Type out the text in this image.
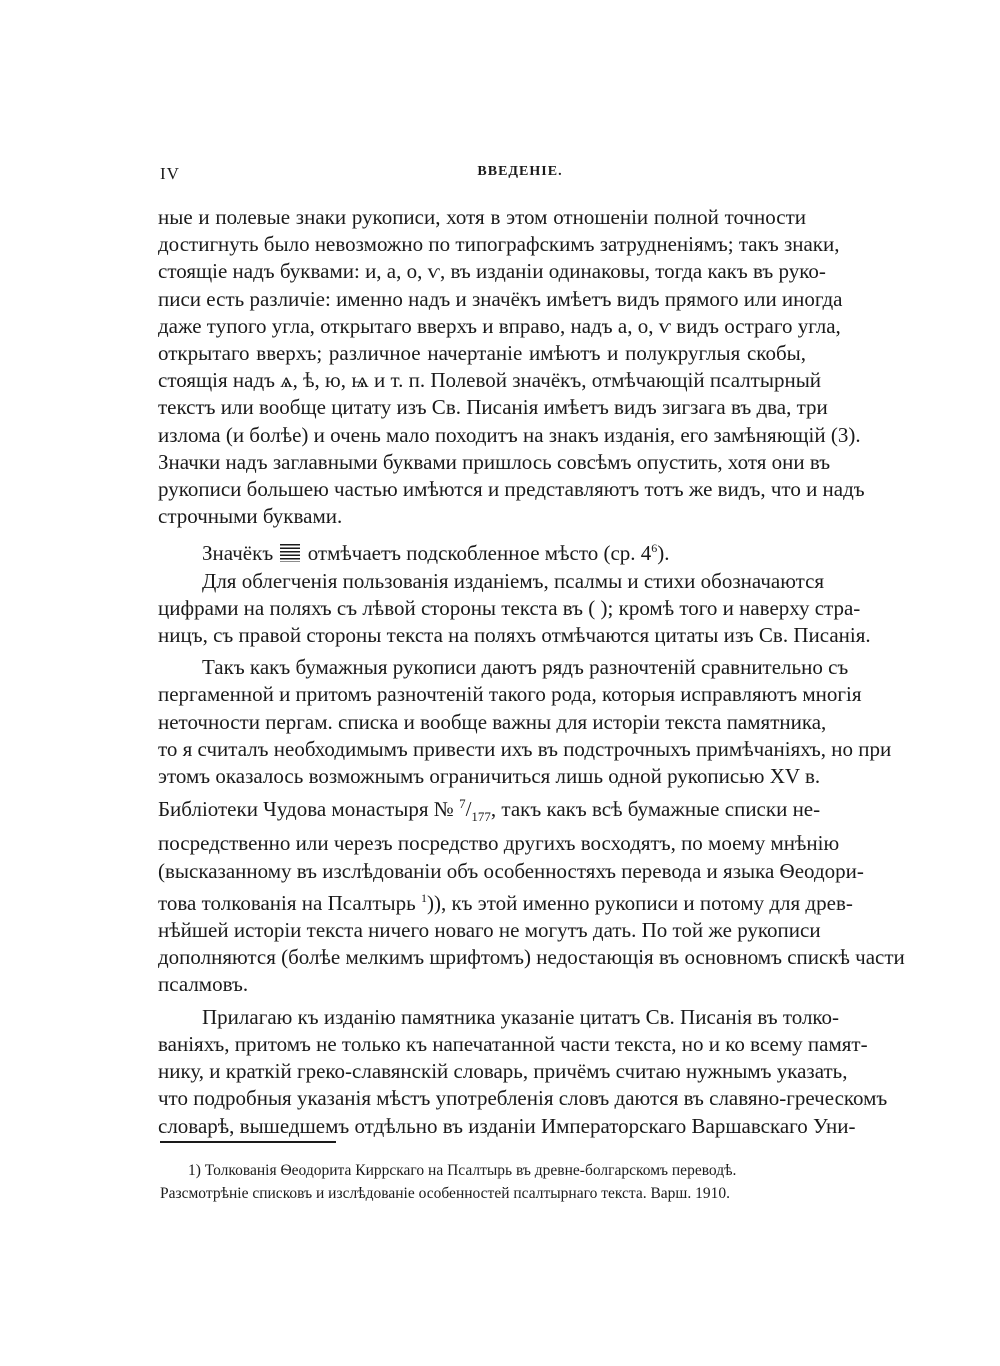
IV	ВВЕДЕНІЕ.
ные и полевые знаки рукописи, хотя в этом отношеніи полной точности
достигнуть было невозможно по типографскимъ затрудненіямъ; такъ знаки,
стоящіе надъ буквами: и, а, о, ѵ, въ изданіи одинаковы, тогда какъ въ руко-
писи есть различіе: именно надъ и значёкъ имѣетъ видъ прямого или иногда
даже тупого угла, открытаго вверхъ и вправо, надъ а, о, ѵ видъ остраго угла,
открытаго вверхъ; различное начертаніе имѣютъ и полукруглыя скобы,
стоящія надъ ѧ, ѣ, ю, ѩ и т. п. Полевой значёкъ, отмѣчающій псалтырный
текстъ или вообще цитату изъ Св. Писанія имѣетъ видъ зигзага въ два, три
излома (и болѣе) и очень мало походитъ на знакъ изданія, его замѣняющій (3).
Значки надъ заглавными буквами пришлось совсѣмъ опустить, хотя они въ
рукописи большею частью имѣются и представляютъ тотъ же видъ, что и надъ
строчными буквами.
Значёкъ отмѣчаетъ подскобленное мѣсто (ср. $4^6$).
Для облегченія пользованія изданіемъ, псалмы и стихи обозначаются
цифрами на поляхъ съ лѣвой стороны текста въ ( ); кромѣ того и наверху стра-
ницъ, съ правой стороны текста на поляхъ отмѣчаются цитаты изъ Св. Писанія.
Такъ какъ бумажныя рукописи даютъ рядъ разночтеній сравнительно съ
пергаменной и притомъ разночтеній такого рода, которыя исправляютъ многія
неточности пергам. списка и вообще важны для исторіи текста памятника,
то я считалъ необходимымъ привести ихъ въ подстрочныхъ примѣчаніяхъ, но при
этомъ оказалось возможнымъ ограничиться лишь одной рукописью XV в.
Библіотеки Чудова монастыря № $^7/_{177}$, такъ какъ всѣ бумажные списки не-
посредственно или черезъ посредство другихъ восходятъ, по моему мнѣнію
(высказанному въ изслѣдованіи объ особенностяхъ перевода и языка Ѳеодори-
това толкованія на Псалтырь $^1$)), къ этой именно рукописи и потому для древ-
нѣйшей исторіи текста ничего новаго не могутъ дать. По той же рукописи
дополняются (болѣе мелкимъ шрифтомъ) недостающія въ основномъ спискѣ части
псалмовъ.
Прилагаю къ изданію памятника указаніе цитатъ Св. Писанія въ толко-
ваніяхъ, притомъ не только къ напечатанной части текста, но и ко всему памят-
нику, и краткій греко-славянскій словарь, причёмъ считаю нужнымъ указать,
что подробныя указанія мѣстъ употребленія словъ даются въ славяно-греческомъ
словарѣ, вышедшемъ отдѣльно въ изданіи Императорскаго Варшавскаго Уни-
1) Толкованія Ѳеодорита Киррскаго на Псалтырь въ древне-болгарскомъ переводѣ.
Разсмотрѣніе списковъ и изслѣдованіе особенностей псалтырнаго текста. Варш. 1910.
